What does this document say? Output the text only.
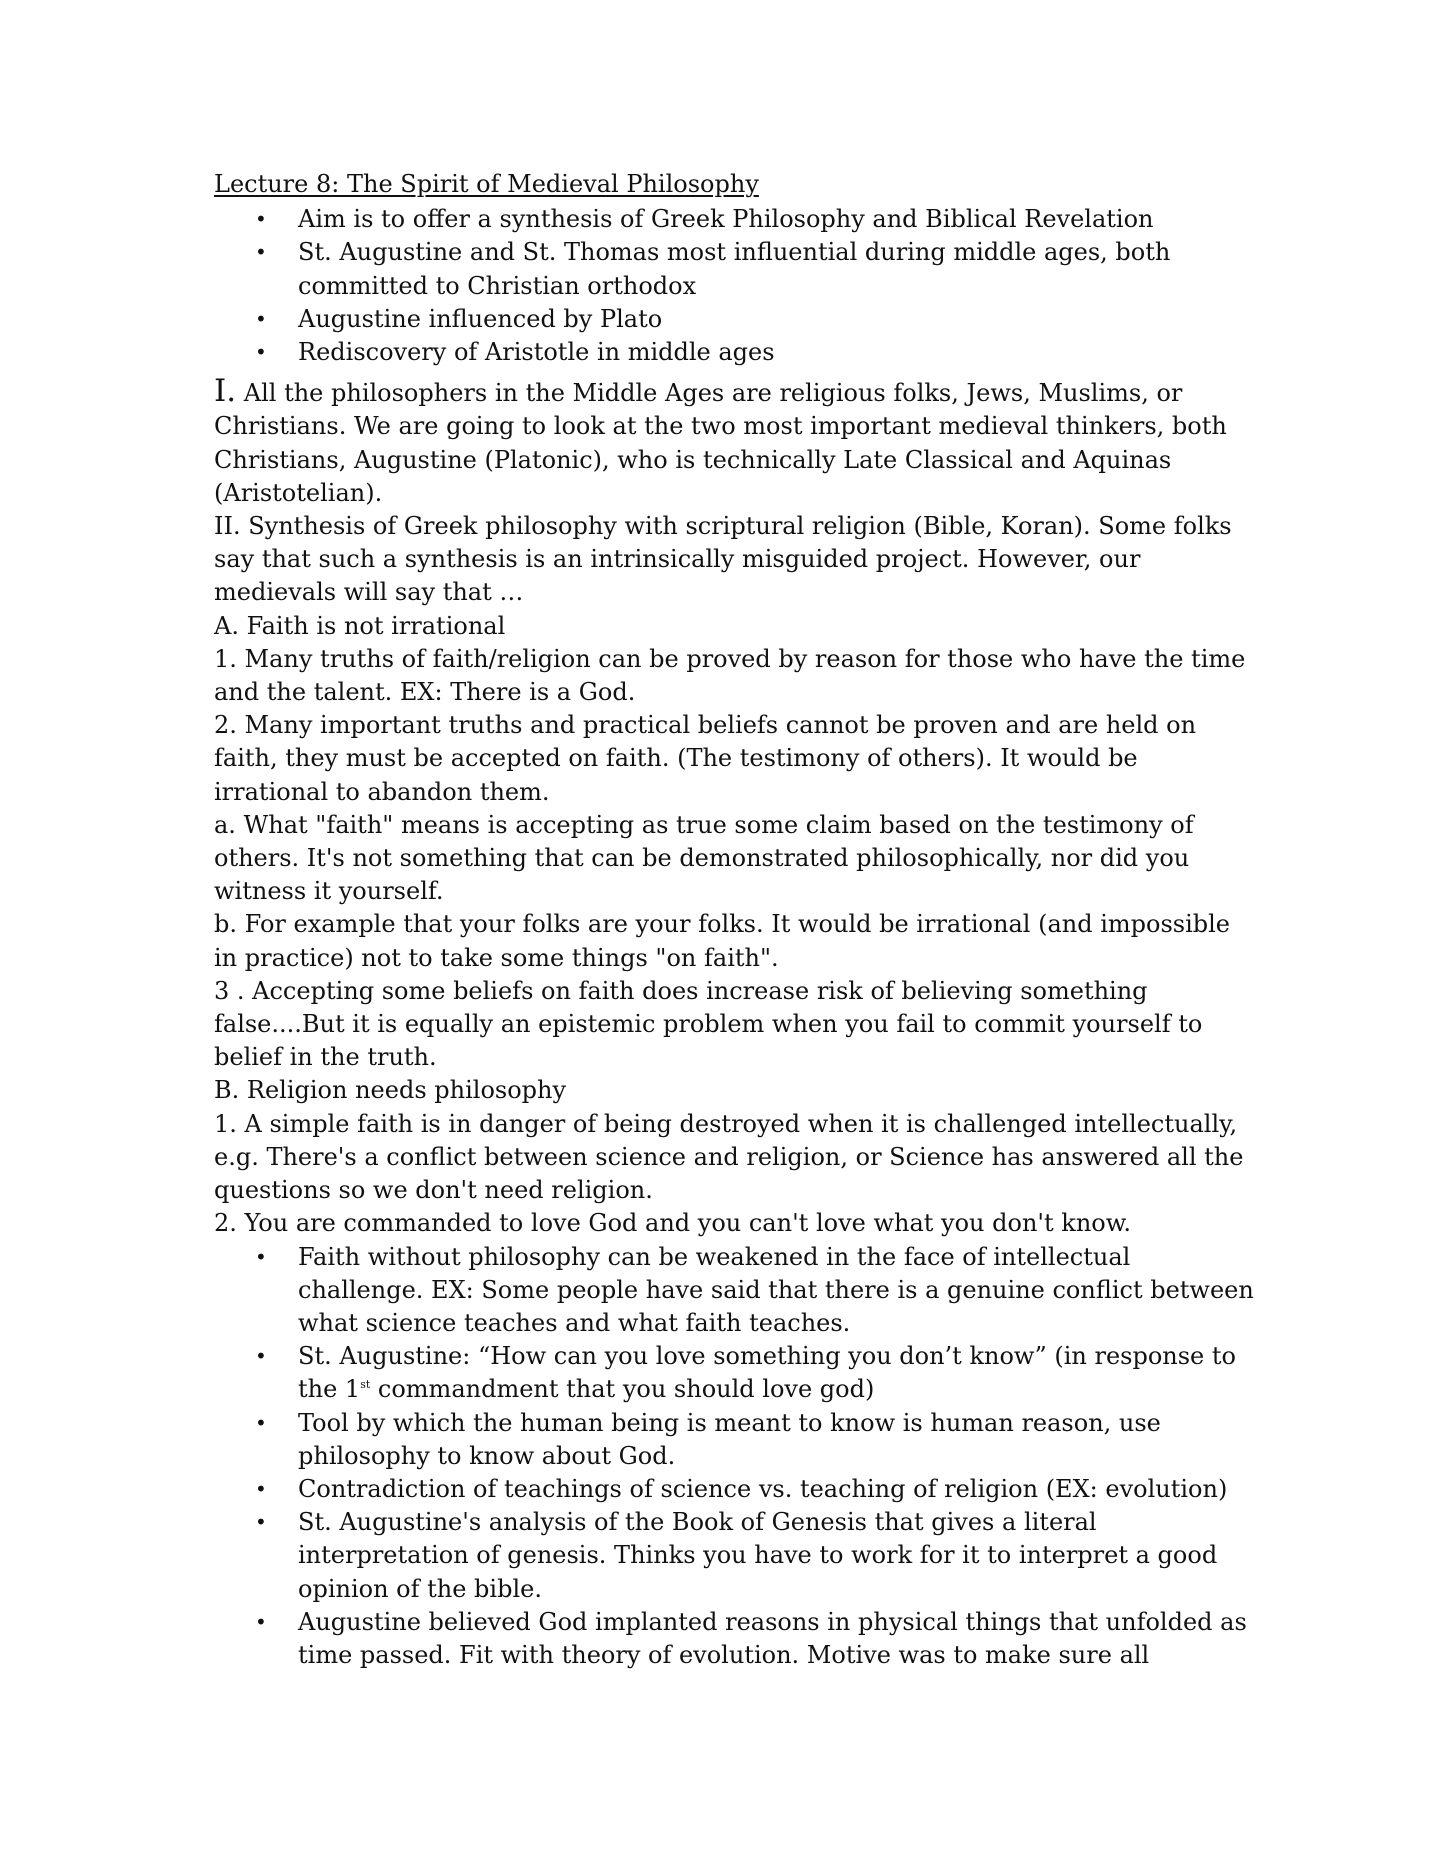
Lecture 8: The Spirit of Medieval Philosophy

• Aim is to offer a synthesis of Greek Philosophy and Biblical Revelation
• St. Augustine and St. Thomas most influential during middle ages, both committed to Christian orthodox
• Augustine influenced by Plato
• Rediscovery of Aristotle in middle ages

I. All the philosophers in the Middle Ages are religious folks, Jews, Muslims, or Christians. We are going to look at the two most important medieval thinkers, both Christians, Augustine (Platonic), who is technically Late Classical and Aquinas (Aristotelian).

II. Synthesis of Greek philosophy with scriptural religion (Bible, Koran). Some folks say that such a synthesis is an intrinsically misguided project. However, our medievals will say that …

A. Faith is not irrational

1. Many truths of faith/religion can be proved by reason for those who have the time and the talent. EX: There is a God.

2. Many important truths and practical beliefs cannot be proven and are held on faith, they must be accepted on faith. (The testimony of others). It would be irrational to abandon them.

a. What "faith" means is accepting as true some claim based on the testimony of others. It's not something that can be demonstrated philosophically, nor did you witness it yourself.

b. For example that your folks are your folks. It would be irrational (and impossible in practice) not to take some things "on faith".

3 . Accepting some beliefs on faith does increase risk of believing something false....But it is equally an epistemic problem when you fail to commit yourself to belief in the truth.

B. Religion needs philosophy

1. A simple faith is in danger of being destroyed when it is challenged intellectually, e.g. There's a conflict between science and religion, or Science has answered all the questions so we don't need religion.

2. You are commanded to love God and you can't love what you don't know.

• Faith without philosophy can be weakened in the face of intellectual challenge. EX: Some people have said that there is a genuine conflict between what science teaches and what faith teaches.
• St. Augustine: “How can you love something you don’t know” (in response to the 1st commandment that you should love god)
• Tool by which the human being is meant to know is human reason, use philosophy to know about God.
• Contradiction of teachings of science vs. teaching of religion (EX: evolution)
• St. Augustine's analysis of the Book of Genesis that gives a literal interpretation of genesis. Thinks you have to work for it to interpret a good opinion of the bible.
• Augustine believed God implanted reasons in physical things that unfolded as time passed. Fit with theory of evolution. Motive was to make sure all
